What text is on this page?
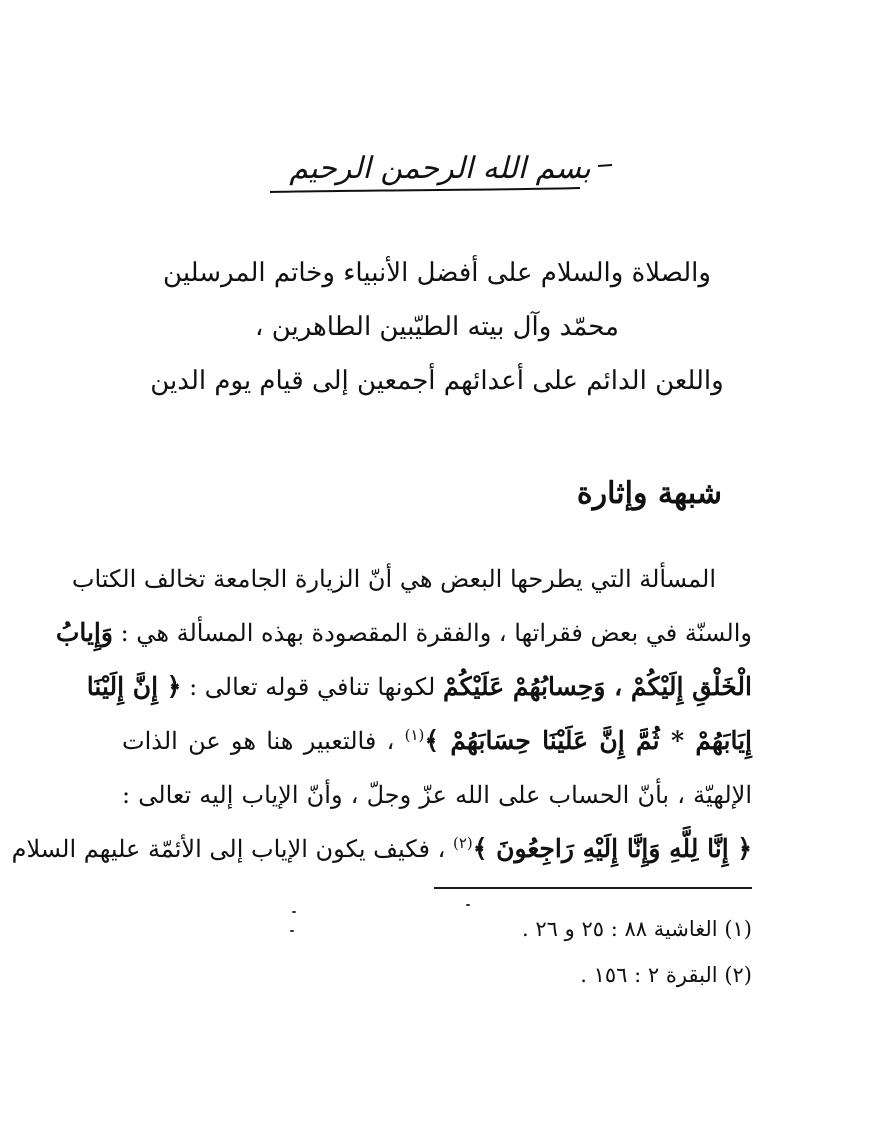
بسم الله الرحمن الرحيم
والصلاة والسلام على أفضل الأنبياء وخاتم المرسلين
محمّد وآل بيته الطيّبين الطاهرين ،
واللعن الدائم على أعدائهم أجمعين إلى قيام يوم الدين
شبهة وإثارة
المسألة التي يطرحها البعض هي أنّ الزيارة الجامعة تخالف الكتاب
والسنّة في بعض فقراتها ، والفقرة المقصودة بهذه المسألة هي : وَإِيابُ
الْخَلْقِ إِلَيْكُمْ ، وَحِسابُهُمْ عَلَيْكُمْ لكونها تنافي قوله تعالى : ﴿ إِنَّ إِلَيْنَا
إِيَابَهُمْ * ثُمَّ إِنَّ عَلَيْنَا حِسَابَهُمْ ﴾$^{(١)}$ ، فالتعبير هنا هو عن الذات
الإلهيّة ، بأنّ الحساب على الله عزّ وجلّ ، وأنّ الإياب إليه تعالى :
﴿ إِنَّا لِلَّهِ وَإِنَّا إِلَيْهِ رَاجِعُونَ ﴾$^{(٢)}$ ، فكيف يكون الإياب إلى الأئمّة عليهم السلام
(١) الغاشية ٨٨ : ٢٥ و ٢٦ .
(٢) البقرة ٢ : ١٥٦ .
